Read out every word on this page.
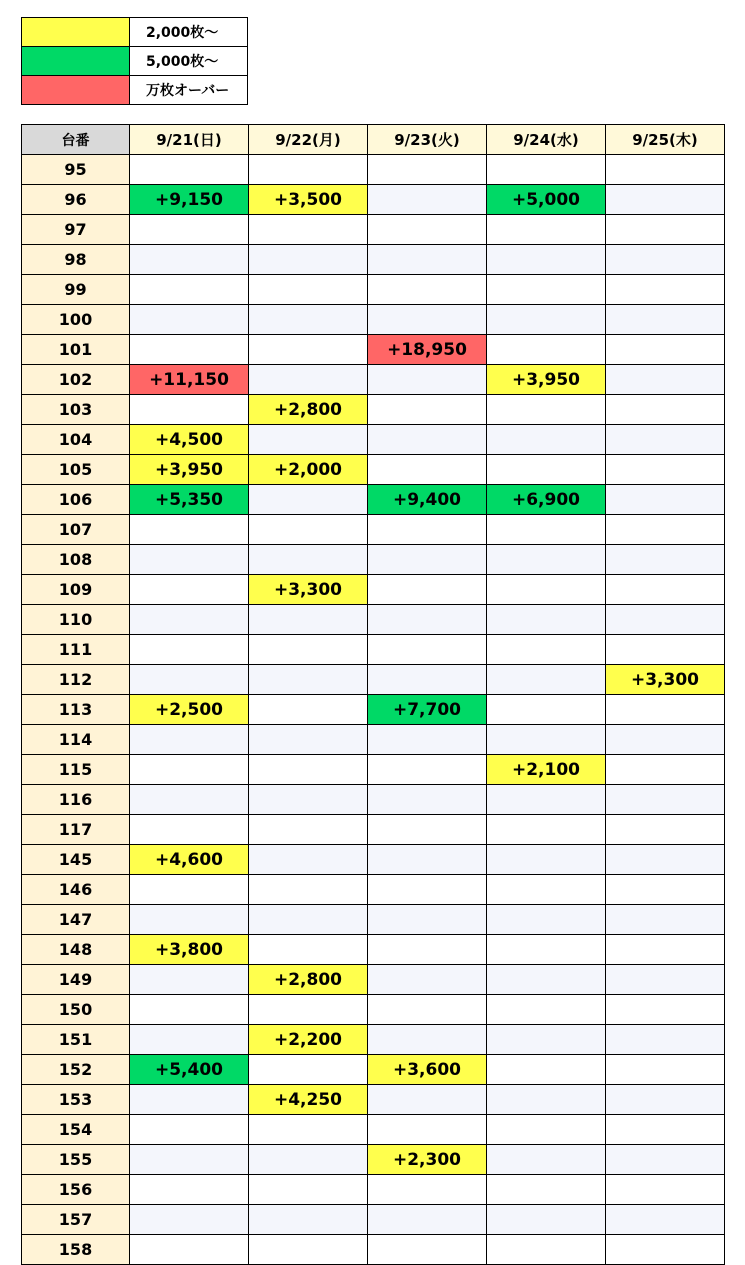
	2,000枚～
	5,000枚～
	万枚オーバー
台番	9/21(日)	9/22(月)	9/23(火)	9/24(水)	9/25(木)
95					
96	+9,150	+3,500		+5,000	
97					
98					
99					
100					
101			+18,950		
102	+11,150			+3,950	
103		+2,800			
104	+4,500				
105	+3,950	+2,000			
106	+5,350		+9,400	+6,900	
107					
108					
109		+3,300			
110					
111					
112					+3,300
113	+2,500		+7,700		
114					
115				+2,100	
116					
117					
145	+4,600				
146					
147					
148	+3,800				
149		+2,800			
150					
151		+2,200			
152	+5,400		+3,600		
153		+4,250			
154					
155			+2,300		
156					
157					
158					
